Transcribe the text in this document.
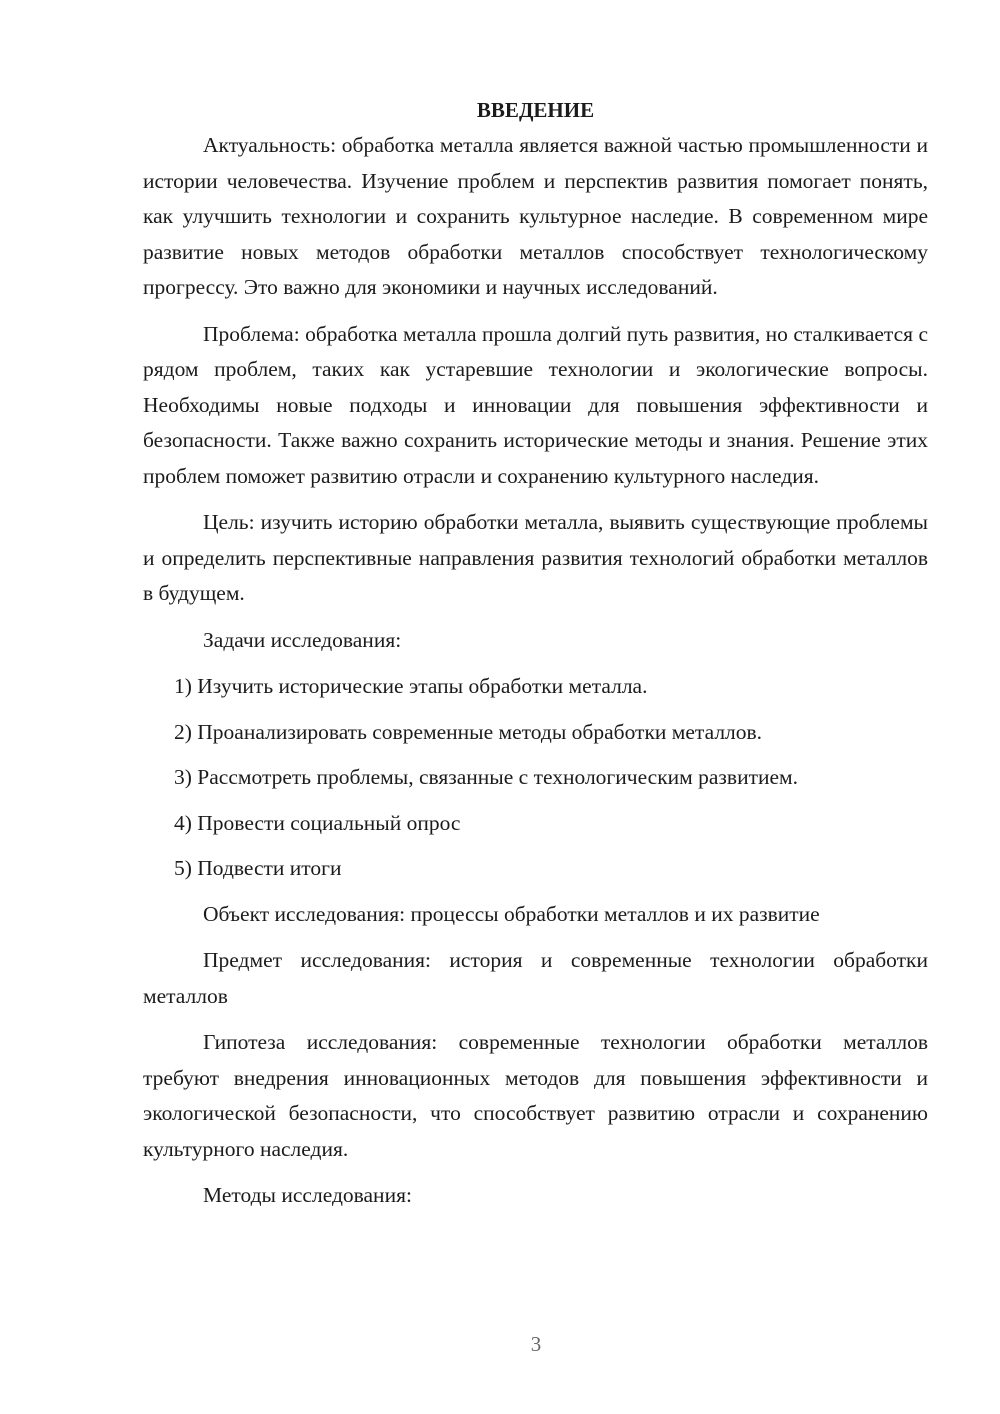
ВВЕДЕНИЕ

Актуальность: обработка металла является важной частью промышленности и истории человечества. Изучение проблем и перспектив развития помогает понять, как улучшить технологии и сохранить культурное наследие. В современном мире развитие новых методов обработки металлов способствует технологическому прогрессу. Это важно для экономики и научных исследований.

Проблема: обработка металла прошла долгий путь развития, но сталкивается с рядом проблем, таких как устаревшие технологии и экологические вопросы. Необходимы новые подходы и инновации для повышения эффективности и безопасности. Также важно сохранить исторические методы и знания. Решение этих проблем поможет развитию отрасли и сохранению культурного наследия.

Цель: изучить историю обработки металла, выявить существующие проблемы и определить перспективные направления развития технологий обработки металлов в будущем.

Задачи исследования:

1) Изучить исторические этапы обработки металла.

2) Проанализировать современные методы обработки металлов.

3) Рассмотреть проблемы, связанные с технологическим развитием.

4) Провести социальный опрос

5) Подвести итоги

Объект исследования: процессы обработки металлов и их развитие

Предмет исследования: история и современные технологии обработки металлов

Гипотеза исследования: современные технологии обработки металлов требуют внедрения инновационных методов для повышения эффективности и экологической безопасности, что способствует развитию отрасли и сохранению культурного наследия.

Методы исследования:

3
